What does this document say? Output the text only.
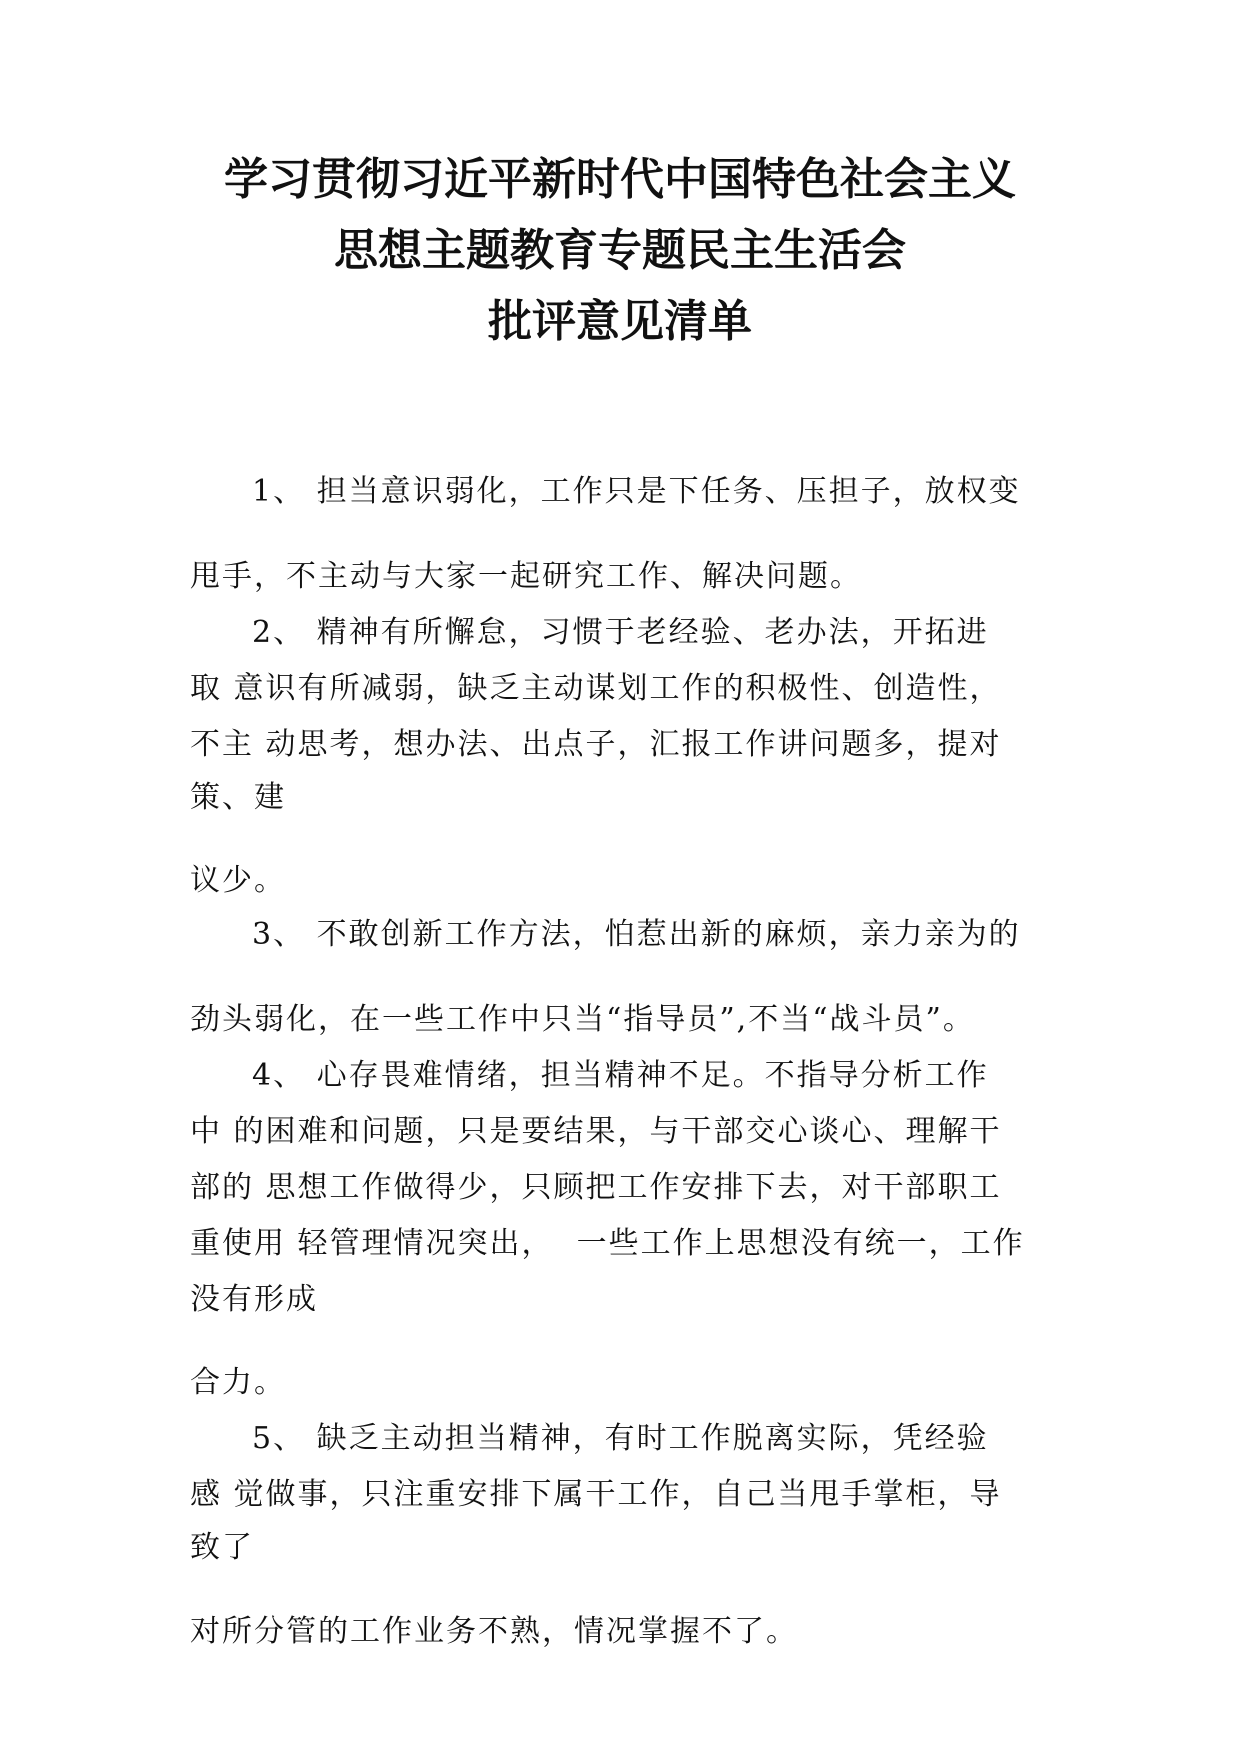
学习贯彻习近平新时代中国特色社会主义
思想主题教育专题民主生活会
批评意见清单
1、 担当意识弱化，工作只是下任务、压担子，放权变
甩手，不主动与大家一起研究工作、解决问题。
2、 精神有所懈怠，习惯于老经验、老办法，开拓进
取 意识有所减弱，缺乏主动谋划工作的积极性、创造性，
不主 动思考，想办法、出点子，汇报工作讲问题多，提对
策、建
议少。
3、 不敢创新工作方法，怕惹出新的麻烦，亲力亲为的
劲头弱化，在一些工作中只当“指导员”,不当“战斗员”。
4、 心存畏难情绪，担当精神不足。不指导分析工作
中 的困难和问题，只是要结果，与干部交心谈心、理解干
部的 思想工作做得少，只顾把工作安排下去，对干部职工
重使用 轻管理情况突出，  一些工作上思想没有统一，工作
没有形成
合力。
5、 缺乏主动担当精神，有时工作脱离实际，凭经验
感 觉做事，只注重安排下属干工作，自己当甩手掌柜，导
致了
对所分管的工作业务不熟，情况掌握不了。
